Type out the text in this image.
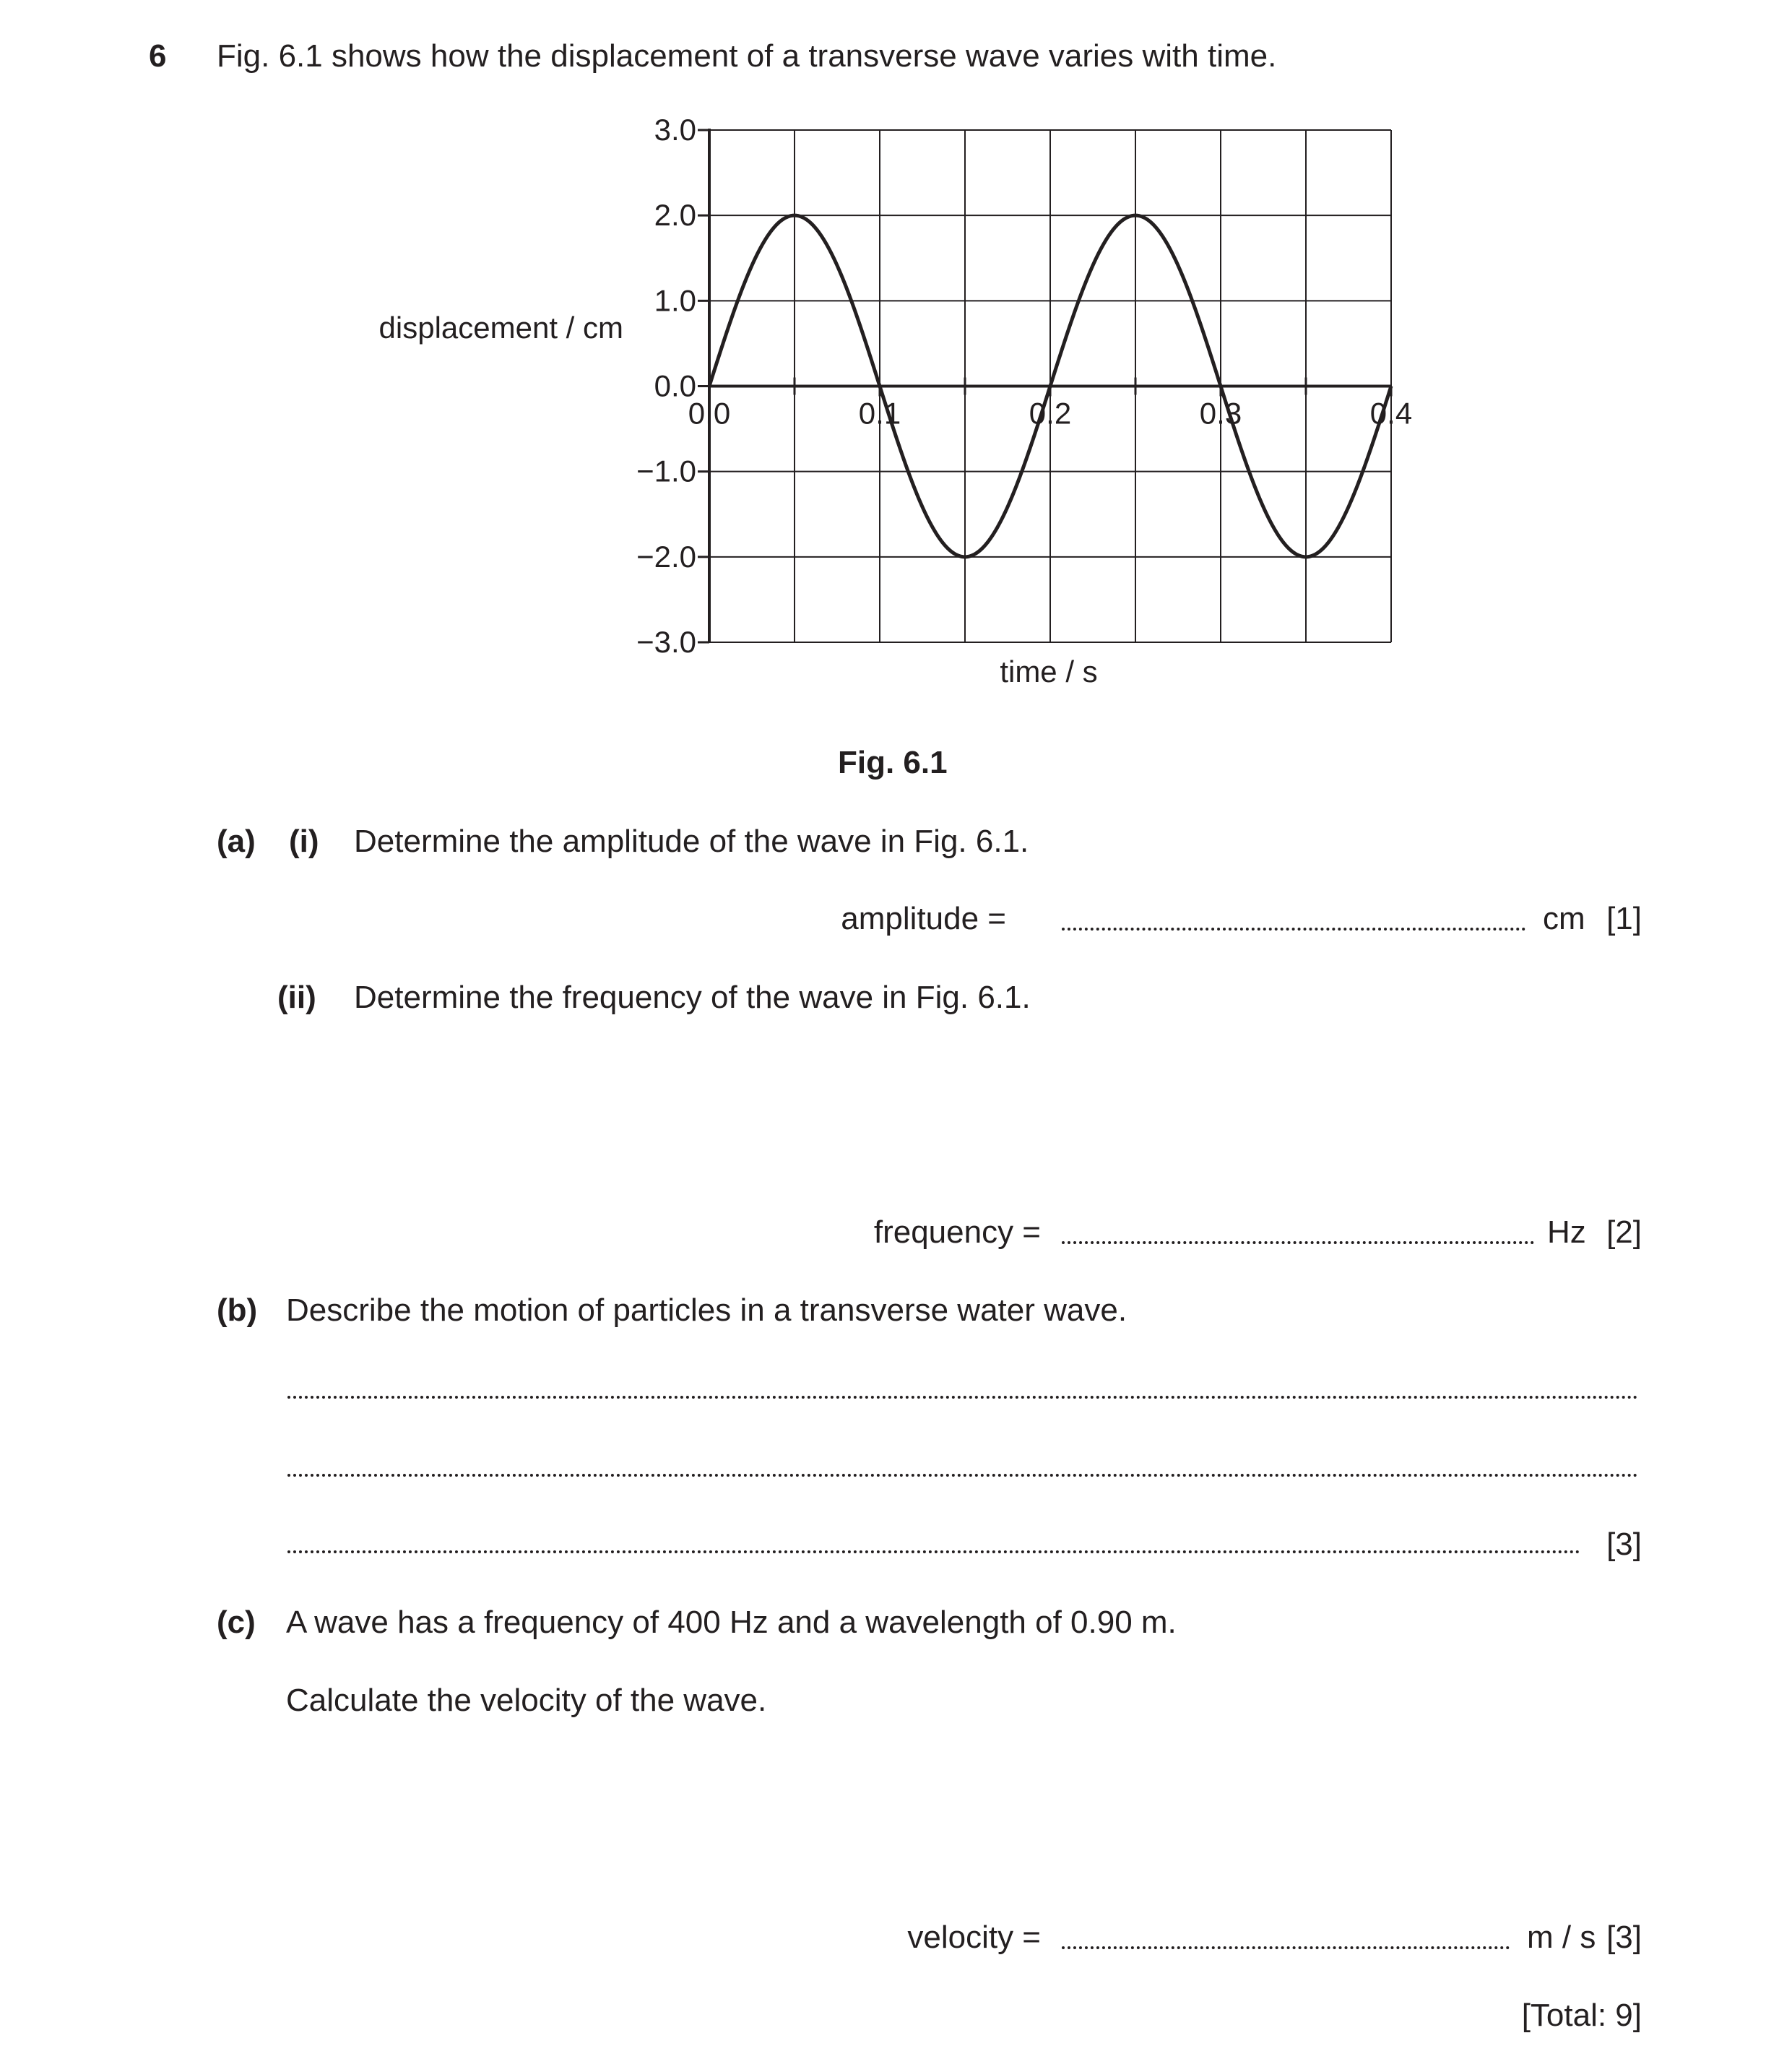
6 Fig. 6.1 shows how the displacement of a transverse wave varies with time.
3.0
2.0
1.0
0.0
−1.0
−2.0
−3.0
0.0	0.1	0.2	0.3	0.4
displacement / cm
time / s
Fig. 6.1
(a) (i) Determine the amplitude of the wave in Fig. 6.1.
amplitude =	cm [1]
(ii) Determine the frequency of the wave in Fig. 6.1.
frequency =	Hz [2]
(b) Describe the motion of particles in a transverse water wave.
[3]
(c) A wave has a frequency of 400 Hz and a wavelength of 0.90 m.
Calculate the velocity of the wave.
velocity =	m / s [3]
[Total: 9]
